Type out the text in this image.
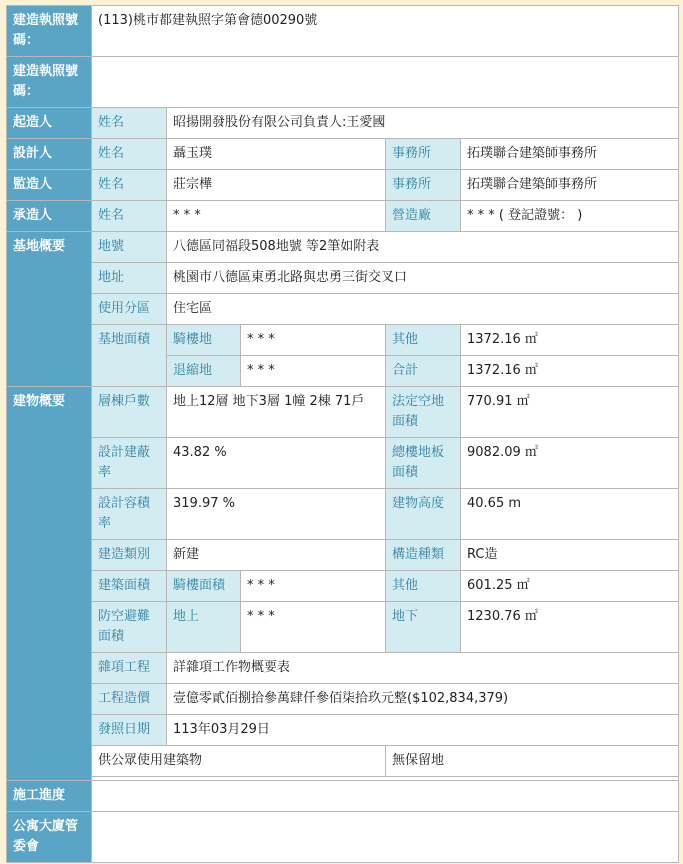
建造執照號碼：	(113)桃市都建執照字第會德00290號				
建造執照號碼：					
起造人	姓名	昭揚開發股份有限公司負責人:王愛國			
設計人	姓名	聶玉璞		事務所	拓璞聯合建築師事務所
監造人	姓名	莊宗樺		事務所	拓璞聯合建築師事務所
承造人	姓名	* * *		營造廠	* * * ( 登記證號： )
基地概要	地號	八德區同福段508地號 等2筆如附表			
	地址	桃園市八德區東勇北路與忠勇三街交叉口			
	使用分區	住宅區			
	基地面積	騎樓地	* * *	其他	1372.16 ㎡
		退縮地	* * *	合計	1372.16 ㎡
建物概要	層棟戶數	地上12層 地下3層 1幢 2棟 71戶		法定空地面積	770.91 ㎡
	設計建蔽率	43.82 %		總樓地板面積	9082.09 ㎡
	設計容積率	319.97 %		建物高度	40.65 m
	建造類別	新建		構造種類	RC造
	建築面積	騎樓面積	* * *	其他	601.25 ㎡
	防空避難面積	地上	* * *	地下	1230.76 ㎡
	雜項工程	詳雜項工作物概要表			
	工程造價	壹億零貳佰捌拾參萬肆仟參佰柒拾玖元整($102,834,379)			
	發照日期	113年03月29日			
	供公眾使用建築物			無保留地	

施工進度					
公寓大廈管委會					
